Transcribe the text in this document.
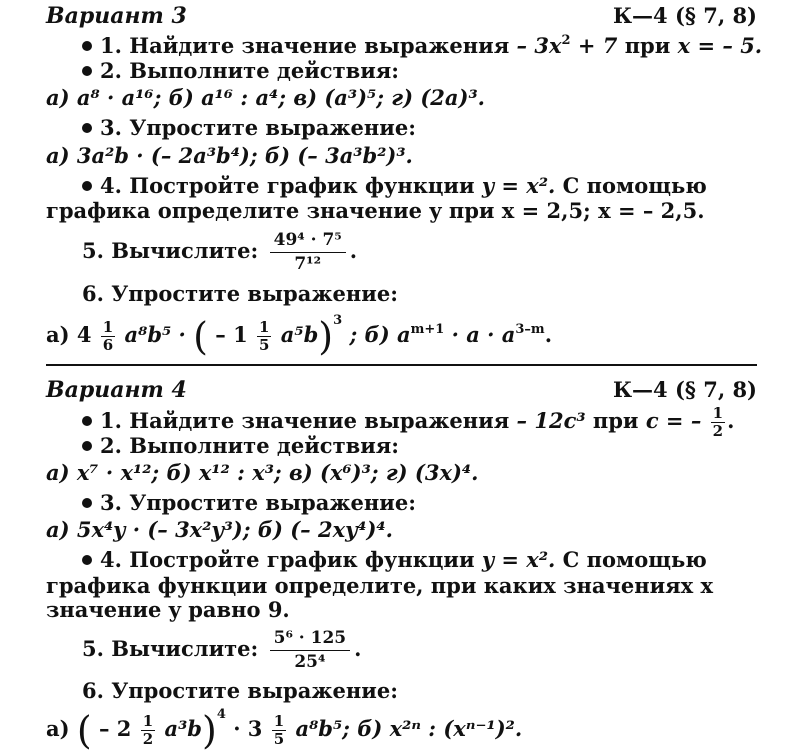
Вариант 3	К—4 (§ 7, 8)
1. Найдите значение выражения – $3x^2 + 7$ при x = – 5.
2. Выполните действия:
а) a⁸ · a¹⁶; б) a¹⁶ : a⁴; в) (a³)⁵; г) (2a)³.
3. Упростите выражение:
а) 3a²b · (– 2a³b⁴); б) (– 3a³b²)³.
4. Постройте график функции y = x². С помощью
графика определите значение y при x = 2,5; x = – 2,5.
5. Вычислите: $\frac{\text{49⁴ · 7⁵}}{\text{7¹²}}$ .
6. Упростите выражение:
а) $4 \frac{1}{6} a^8b^5$ · ( – $1 \frac{1}{5} a^5b)^3$ ; б) $a^{m+1} \cdot a \cdot a^{3-m}$.
Вариант 4	К—4 (§ 7, 8)
1. Найдите значение выражения – 12c³ при c = – $\frac{1}{2}$ .
2. Выполните действия:
а) x⁷ · x¹²; б) x¹² : x³; в) (x⁶)³; г) (3x)⁴.
3. Упростите выражение:
а) 5x⁴y · (– 3x²y³); б) (– 2xy⁴)⁴.
4. Постройте график функции y = x². С помощью
графика функции определите, при каких значениях x
значение y равно 9.
5. Вычислите: $\frac{\text{5⁶ · 125}}{\text{25⁴}}$ .
6. Упростите выражение:
а) ( – $2 \frac{1}{2} a^3b)^4 \cdot 3 \frac{1}{5} a^8b^5$; б) x²ⁿ : (xⁿ⁻¹)².
